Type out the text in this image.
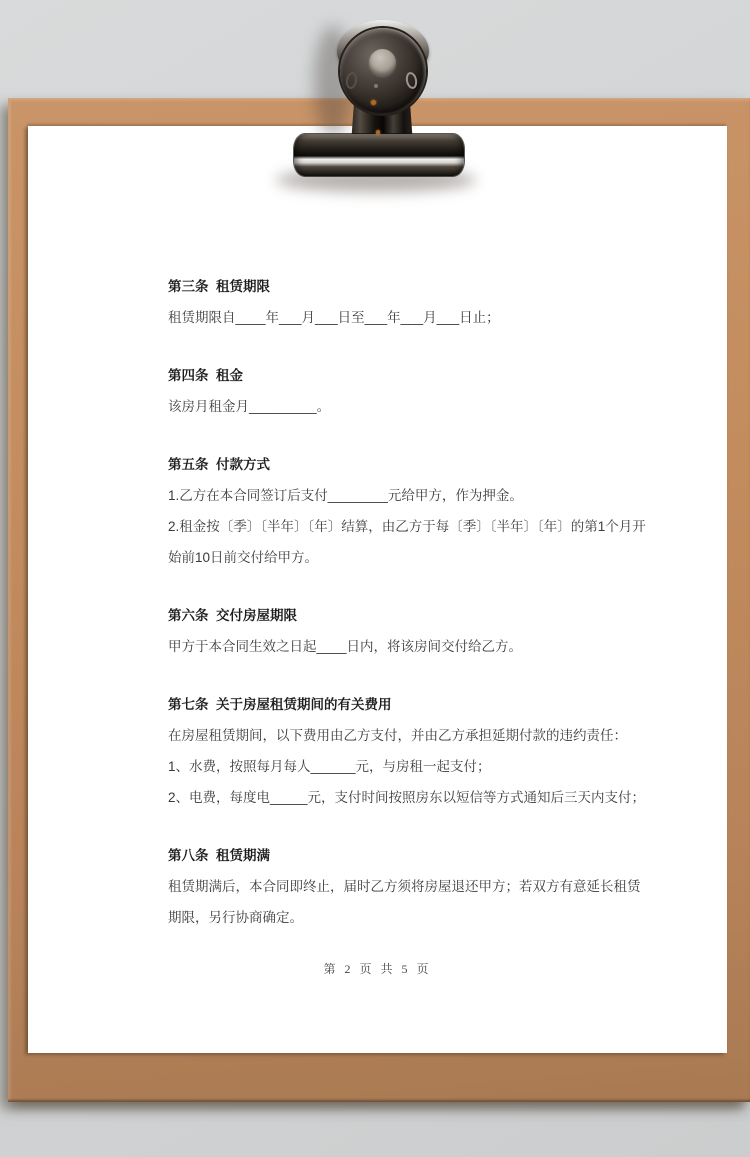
第三条  租赁期限

租赁期限自____年___月___日至___年___月___日止；

第四条  租金

该房月租金月_________。

第五条  付款方式

1.乙方在本合同签订后支付________元给甲方，作为押金。

2.租金按〔季〕〔半年〕〔年〕结算，由乙方于每〔季〕〔半年〕〔年〕的第1个月开始前10日前交付给甲方。

第六条  交付房屋期限

甲方于本合同生效之日起____日内，将该房间交付给乙方。

第七条  关于房屋租赁期间的有关费用

在房屋租赁期间，以下费用由乙方支付，并由乙方承担延期付款的违约责任：

1、水费，按照每月每人______元，与房租一起支付；

2、电费，每度电_____元，支付时间按照房东以短信等方式通知后三天内支付；

第八条  租赁期满

租赁期满后，本合同即终止，届时乙方须将房屋退还甲方；若双方有意延长租赁期限，另行协商确定。

第 2 页 共 5 页
